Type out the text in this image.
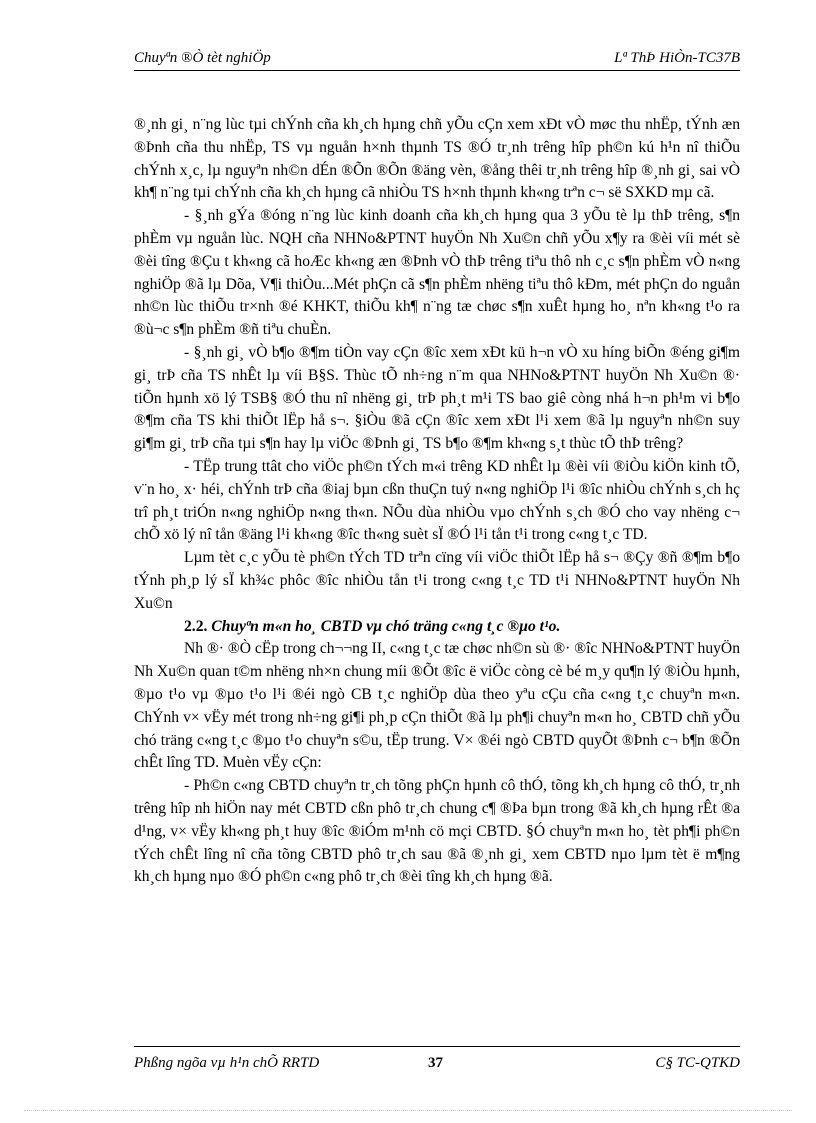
Chuyªn ®Ò tèt nghiÖp	Lª ThÞ HiÒn-TC37B

®¸nh gi¸ n¨ng lùc tµi chÝnh cña kh¸ch hµng chñ yÕu cÇn xem xÐt vÒ møc thu nhËp, tÝnh æn ®Þnh cña thu nhËp, TS vµ nguån h×nh thµnh TS ®Ó tr¸nh trêng hîp ph©n kú h¹n nî thiÕu chÝnh x¸c, lµ nguyªn nh©n dÉn ®Õn ®Õn ®äng vèn, ®ång thêi tr¸nh trêng hîp ®¸nh gi¸ sai vÒ kh¶ n¨ng tµi chÝnh cña kh¸ch hµng cã nhiÒu TS h×nh thµnh kh«ng trªn c¬ së SXKD mµ cã.

- §¸nh gÝa ®óng n¨ng lùc kinh doanh cña kh¸ch hµng qua 3 yÕu tè lµ thÞ trêng, s¶n phÈm vµ nguån lùc. NQH cña NHNo&PTNT huyÖn Nh Xu©n chñ yÕu x¶y ra ®èi víi mét sè ®èi tîng ®Çu t kh«ng cã hoÆc kh«ng æn ®Þnh vÒ thÞ trêng tiªu thô nh c¸c s¶n phÈm vÒ n«ng nghiÖp ®ã lµ Dõa, V¶i thiÒu...Mét phÇn cã s¶n phÈm nhëng tiªu thô kÐm, mét phÇn do nguån nh©n lùc thiÕu tr×nh ®é KHKT, thiÕu kh¶ n¨ng tæ chøc s¶n xuÊt hµng ho¸ nªn kh«ng t¹o ra ®ù¬c s¶n phÈm ®ñ tiªu chuÈn.

- §¸nh gi¸ vÒ b¶o ®¶m tiÒn vay cÇn ®îc xem xÐt kü h¬n vÒ xu híng biÕn ®éng gi¶m gi¸ trÞ cña TS nhÊt lµ víi B§S. Thùc tÕ nh÷ng n¨m qua NHNo&PTNT huyÖn Nh Xu©n ®· tiÕn hµnh xö lý TSB§ ®Ó thu nî nhëng gi¸ trÞ ph¸t m¹i TS bao giê còng nhá h¬n ph¹m vi b¶o ®¶m cña TS khi thiÕt lËp hå s¬. §iÒu ®ã cÇn ®îc xem xÐt l¹i xem ®ã lµ nguyªn nh©n suy gi¶m gi¸ trÞ cña tµi s¶n hay lµ viÖc ®Þnh gi¸ TS b¶o ®¶m kh«ng s¸t thùc tÕ thÞ trêng?

- TËp trung ttât cho viÖc ph©n tÝch m«i trêng KD nhÊt lµ ®èi víi ®iÒu kiÖn kinh tÕ, v¨n ho¸ x· héi, chÝnh trÞ cña ®iaj bµn cßn thuÇn tuý n«ng nghiÖp l¹i ®îc nhiÒu chÝnh s¸ch hç trî ph¸t triÓn n«ng nghiÖp n«ng th«n. NÕu dùa nhiÒu vµo chÝnh s¸ch ®Ó cho vay nhëng c¬ chÕ xö lý nî tån ®äng l¹i kh«ng ®îc th«ng suèt sÏ ®Ó l¹i tån t¹i trong c«ng t¸c TD.

Lµm tèt c¸c yÕu tè ph©n tÝch TD trªn cïng víi viÖc thiÕt lËp hå s¬ ®Çy ®ñ ®¶m b¶o tÝnh ph¸p lý sÏ kh¾c phôc ®îc nhiÒu tån t¹i trong c«ng t¸c TD t¹i NHNo&PTNT huyÖn Nh Xu©n

2.2. Chuyªn m«n ho¸ CBTD vµ chó träng c«ng t¸c ®µo t¹o.

Nh ®· ®Ò cËp trong ch¬¬ng II, c«ng t¸c tæ chøc nh©n sù ®· ®îc NHNo&PTNT huyÖn Nh Xu©n quan t©m nhëng nh×n chung míi ®Õt ®îc ë viÖc còng cè bé m¸y qu¶n lý ®iÒu hµnh, ®µo t¹o vµ ®µo t¹o l¹i ®éi ngò CB t¸c nghiÖp dùa theo yªu cÇu cña c«ng t¸c chuyªn m«n. ChÝnh v× vËy mét trong nh÷ng gi¶i ph¸p cÇn thiÕt ®ã lµ ph¶i chuyªn m«n ho¸ CBTD chñ yÕu chó träng c«ng t¸c ®µo t¹o chuyªn s©u, tËp trung. V× ®éi ngò CBTD quyÕt ®Þnh c¬ b¶n ®Õn chÊt lîng TD. Muèn vËy cÇn:

- Ph©n c«ng CBTD chuyªn tr¸ch tõng phÇn hµnh cô thÓ, tõng kh¸ch hµng cô thÓ, tr¸nh trêng hîp nh hiÖn nay mét CBTD cßn phô tr¸ch chung c¶ ®Þa bµn trong ®ã kh¸ch hµng rÊt ®a d¹ng, v× vËy kh«ng ph¸t huy ®îc ®iÓm m¹nh cö mçi CBTD. §Ó chuyªn m«n ho¸ tèt ph¶i ph©n tÝch chÊt lîng nî cña tõng CBTD phô tr¸ch sau ®ã ®¸nh gi¸ xem CBTD nµo lµm tèt ë m¶ng kh¸ch hµng nµo ®Ó ph©n c«ng phô tr¸ch ®èi tîng kh¸ch hµng ®ã.

Phßng ngõa vµ h¹n chÕ RRTD	37	C§ TC-QTKD
